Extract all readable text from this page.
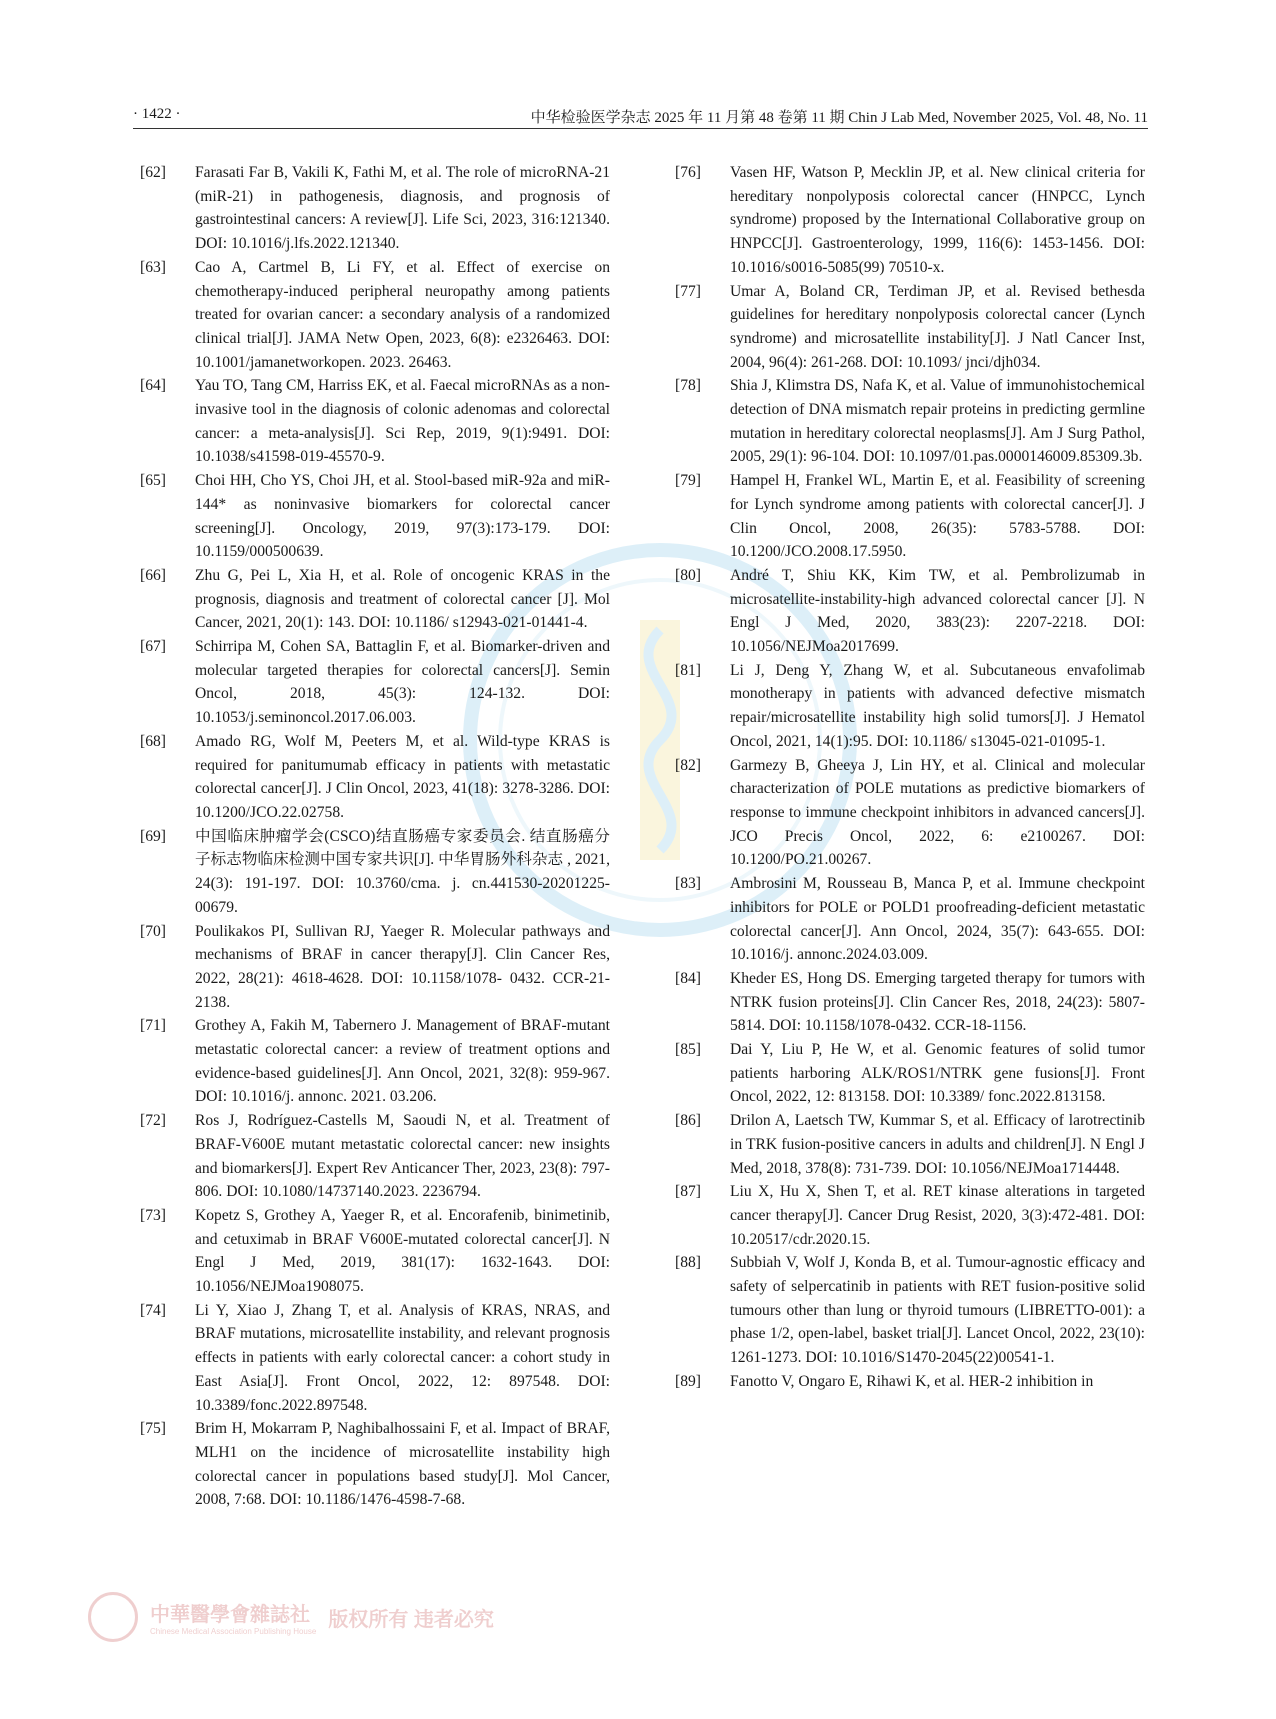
· 1422 ·	中华检验医学杂志 2025 年 11 月第 48 卷第 11 期 Chin J Lab Med, November 2025, Vol. 48, No. 11
[62]	Farasati Far B, Vakili K, Fathi M, et al. The role of microRNA-21 (miR-21) in pathogenesis, diagnosis, and prognosis of gastrointestinal cancers: A review[J]. Life Sci, 2023, 316:121340. DOI: 10.1016/j.lfs.2022.121340.
[63]	Cao A, Cartmel B, Li FY, et al. Effect of exercise on chemotherapy-induced peripheral neuropathy among patients treated for ovarian cancer: a secondary analysis of a randomized clinical trial[J]. JAMA Netw Open, 2023, 6(8): e2326463. DOI: 10.1001/jamanetworkopen. 2023. 26463.
[64]	Yau TO, Tang CM, Harriss EK, et al. Faecal microRNAs as a non-invasive tool in the diagnosis of colonic adenomas and colorectal cancer: a meta-analysis[J]. Sci Rep, 2019, 9(1):9491. DOI: 10.1038/s41598-019-45570-9.
[65]	Choi HH, Cho YS, Choi JH, et al. Stool-based miR-92a and miR-144* as noninvasive biomarkers for colorectal cancer screening[J]. Oncology, 2019, 97(3):173-179. DOI: 10.1159/000500639.
[66]	Zhu G, Pei L, Xia H, et al. Role of oncogenic KRAS in the prognosis, diagnosis and treatment of colorectal cancer [J]. Mol Cancer, 2021, 20(1): 143. DOI: 10.1186/ s12943-021-01441-4.
[67]	Schirripa M, Cohen SA, Battaglin F, et al. Biomarker-driven and molecular targeted therapies for colorectal cancers[J]. Semin Oncol, 2018, 45(3): 124-132. DOI: 10.1053/j.seminoncol.2017.06.003.
[68]	Amado RG, Wolf M, Peeters M, et al. Wild-type KRAS is required for panitumumab efficacy in patients with metastatic colorectal cancer[J]. J Clin Oncol, 2023, 41(18): 3278-3286. DOI: 10.1200/JCO.22.02758.
[69]	中国临床肿瘤学会(CSCO)结直肠癌专家委员会. 结直肠癌分子标志物临床检测中国专家共识[J]. 中华胃肠外科杂志 , 2021, 24(3): 191-197. DOI: 10.3760/cma. j. cn.441530-20201225-00679.
[70]	Poulikakos PI, Sullivan RJ, Yaeger R. Molecular pathways and mechanisms of BRAF in cancer therapy[J]. Clin Cancer Res, 2022, 28(21): 4618-4628. DOI: 10.1158/1078- 0432. CCR-21-2138.
[71]	Grothey A, Fakih M, Tabernero J. Management of BRAF-mutant metastatic colorectal cancer: a review of treatment options and evidence-based guidelines[J]. Ann Oncol, 2021, 32(8): 959-967. DOI: 10.1016/j. annonc. 2021. 03.206.
[72]	Ros J, Rodríguez-Castells M, Saoudi N, et al. Treatment of BRAF-V600E mutant metastatic colorectal cancer: new insights and biomarkers[J]. Expert Rev Anticancer Ther, 2023, 23(8): 797-806. DOI: 10.1080/14737140.2023. 2236794.
[73]	Kopetz S, Grothey A, Yaeger R, et al. Encorafenib, binimetinib, and cetuximab in BRAF V600E-mutated colorectal cancer[J]. N Engl J Med, 2019, 381(17): 1632-1643. DOI: 10.1056/NEJMoa1908075.
[74]	Li Y, Xiao J, Zhang T, et al. Analysis of KRAS, NRAS, and BRAF mutations, microsatellite instability, and relevant prognosis effects in patients with early colorectal cancer: a cohort study in East Asia[J]. Front Oncol, 2022, 12: 897548. DOI: 10.3389/fonc.2022.897548.
[75]	Brim H, Mokarram P, Naghibalhossaini F, et al. Impact of BRAF, MLH1 on the incidence of microsatellite instability high colorectal cancer in populations based study[J]. Mol Cancer, 2008, 7:68. DOI: 10.1186/1476-4598-7-68.
[76]	Vasen HF, Watson P, Mecklin JP, et al. New clinical criteria for hereditary nonpolyposis colorectal cancer (HNPCC, Lynch syndrome) proposed by the International Collaborative group on HNPCC[J]. Gastroenterology, 1999, 116(6): 1453-1456. DOI: 10.1016/s0016-5085(99) 70510-x.
[77]	Umar A, Boland CR, Terdiman JP, et al. Revised bethesda guidelines for hereditary nonpolyposis colorectal cancer (Lynch syndrome) and microsatellite instability[J]. J Natl Cancer Inst, 2004, 96(4): 261-268. DOI: 10.1093/ jnci/djh034.
[78]	Shia J, Klimstra DS, Nafa K, et al. Value of immunohistochemical detection of DNA mismatch repair proteins in predicting germline mutation in hereditary colorectal neoplasms[J]. Am J Surg Pathol, 2005, 29(1): 96-104. DOI: 10.1097/01.pas.0000146009.85309.3b.
[79]	Hampel H, Frankel WL, Martin E, et al. Feasibility of screening for Lynch syndrome among patients with colorectal cancer[J]. J Clin Oncol, 2008, 26(35): 5783-5788. DOI: 10.1200/JCO.2008.17.5950.
[80]	André T, Shiu KK, Kim TW, et al. Pembrolizumab in microsatellite-instability-high advanced colorectal cancer [J]. N Engl J Med, 2020, 383(23): 2207-2218. DOI: 10.1056/NEJMoa2017699.
[81]	Li J, Deng Y, Zhang W, et al. Subcutaneous envafolimab monotherapy in patients with advanced defective mismatch repair/microsatellite instability high solid tumors[J]. J Hematol Oncol, 2021, 14(1):95. DOI: 10.1186/ s13045-021-01095-1.
[82]	Garmezy B, Gheeya J, Lin HY, et al. Clinical and molecular characterization of POLE mutations as predictive biomarkers of response to immune checkpoint inhibitors in advanced cancers[J]. JCO Precis Oncol, 2022, 6: e2100267. DOI: 10.1200/PO.21.00267.
[83]	Ambrosini M, Rousseau B, Manca P, et al. Immune checkpoint inhibitors for POLE or POLD1 proofreading-deficient metastatic colorectal cancer[J]. Ann Oncol, 2024, 35(7): 643-655. DOI: 10.1016/j. annonc.2024.03.009.
[84]	Kheder ES, Hong DS. Emerging targeted therapy for tumors with NTRK fusion proteins[J]. Clin Cancer Res, 2018, 24(23): 5807-5814. DOI: 10.1158/1078-0432. CCR-18-1156.
[85]	Dai Y, Liu P, He W, et al. Genomic features of solid tumor patients harboring ALK/ROS1/NTRK gene fusions[J]. Front Oncol, 2022, 12: 813158. DOI: 10.3389/ fonc.2022.813158.
[86]	Drilon A, Laetsch TW, Kummar S, et al. Efficacy of larotrectinib in TRK fusion-positive cancers in adults and children[J]. N Engl J Med, 2018, 378(8): 731-739. DOI: 10.1056/NEJMoa1714448.
[87]	Liu X, Hu X, Shen T, et al. RET kinase alterations in targeted cancer therapy[J]. Cancer Drug Resist, 2020, 3(3):472-481. DOI: 10.20517/cdr.2020.15.
[88]	Subbiah V, Wolf J, Konda B, et al. Tumour-agnostic efficacy and safety of selpercatinib in patients with RET fusion-positive solid tumours other than lung or thyroid tumours (LIBRETTO-001): a phase 1/2, open-label, basket trial[J]. Lancet Oncol, 2022, 23(10): 1261-1273. DOI: 10.1016/S1470-2045(22)00541-1.
[89]	Fanotto V, Ongaro E, Rihawi K, et al. HER-2 inhibition in
中華醫學會雜誌社
Chinese Medical Association Publishing House
版权所有 违者必究
